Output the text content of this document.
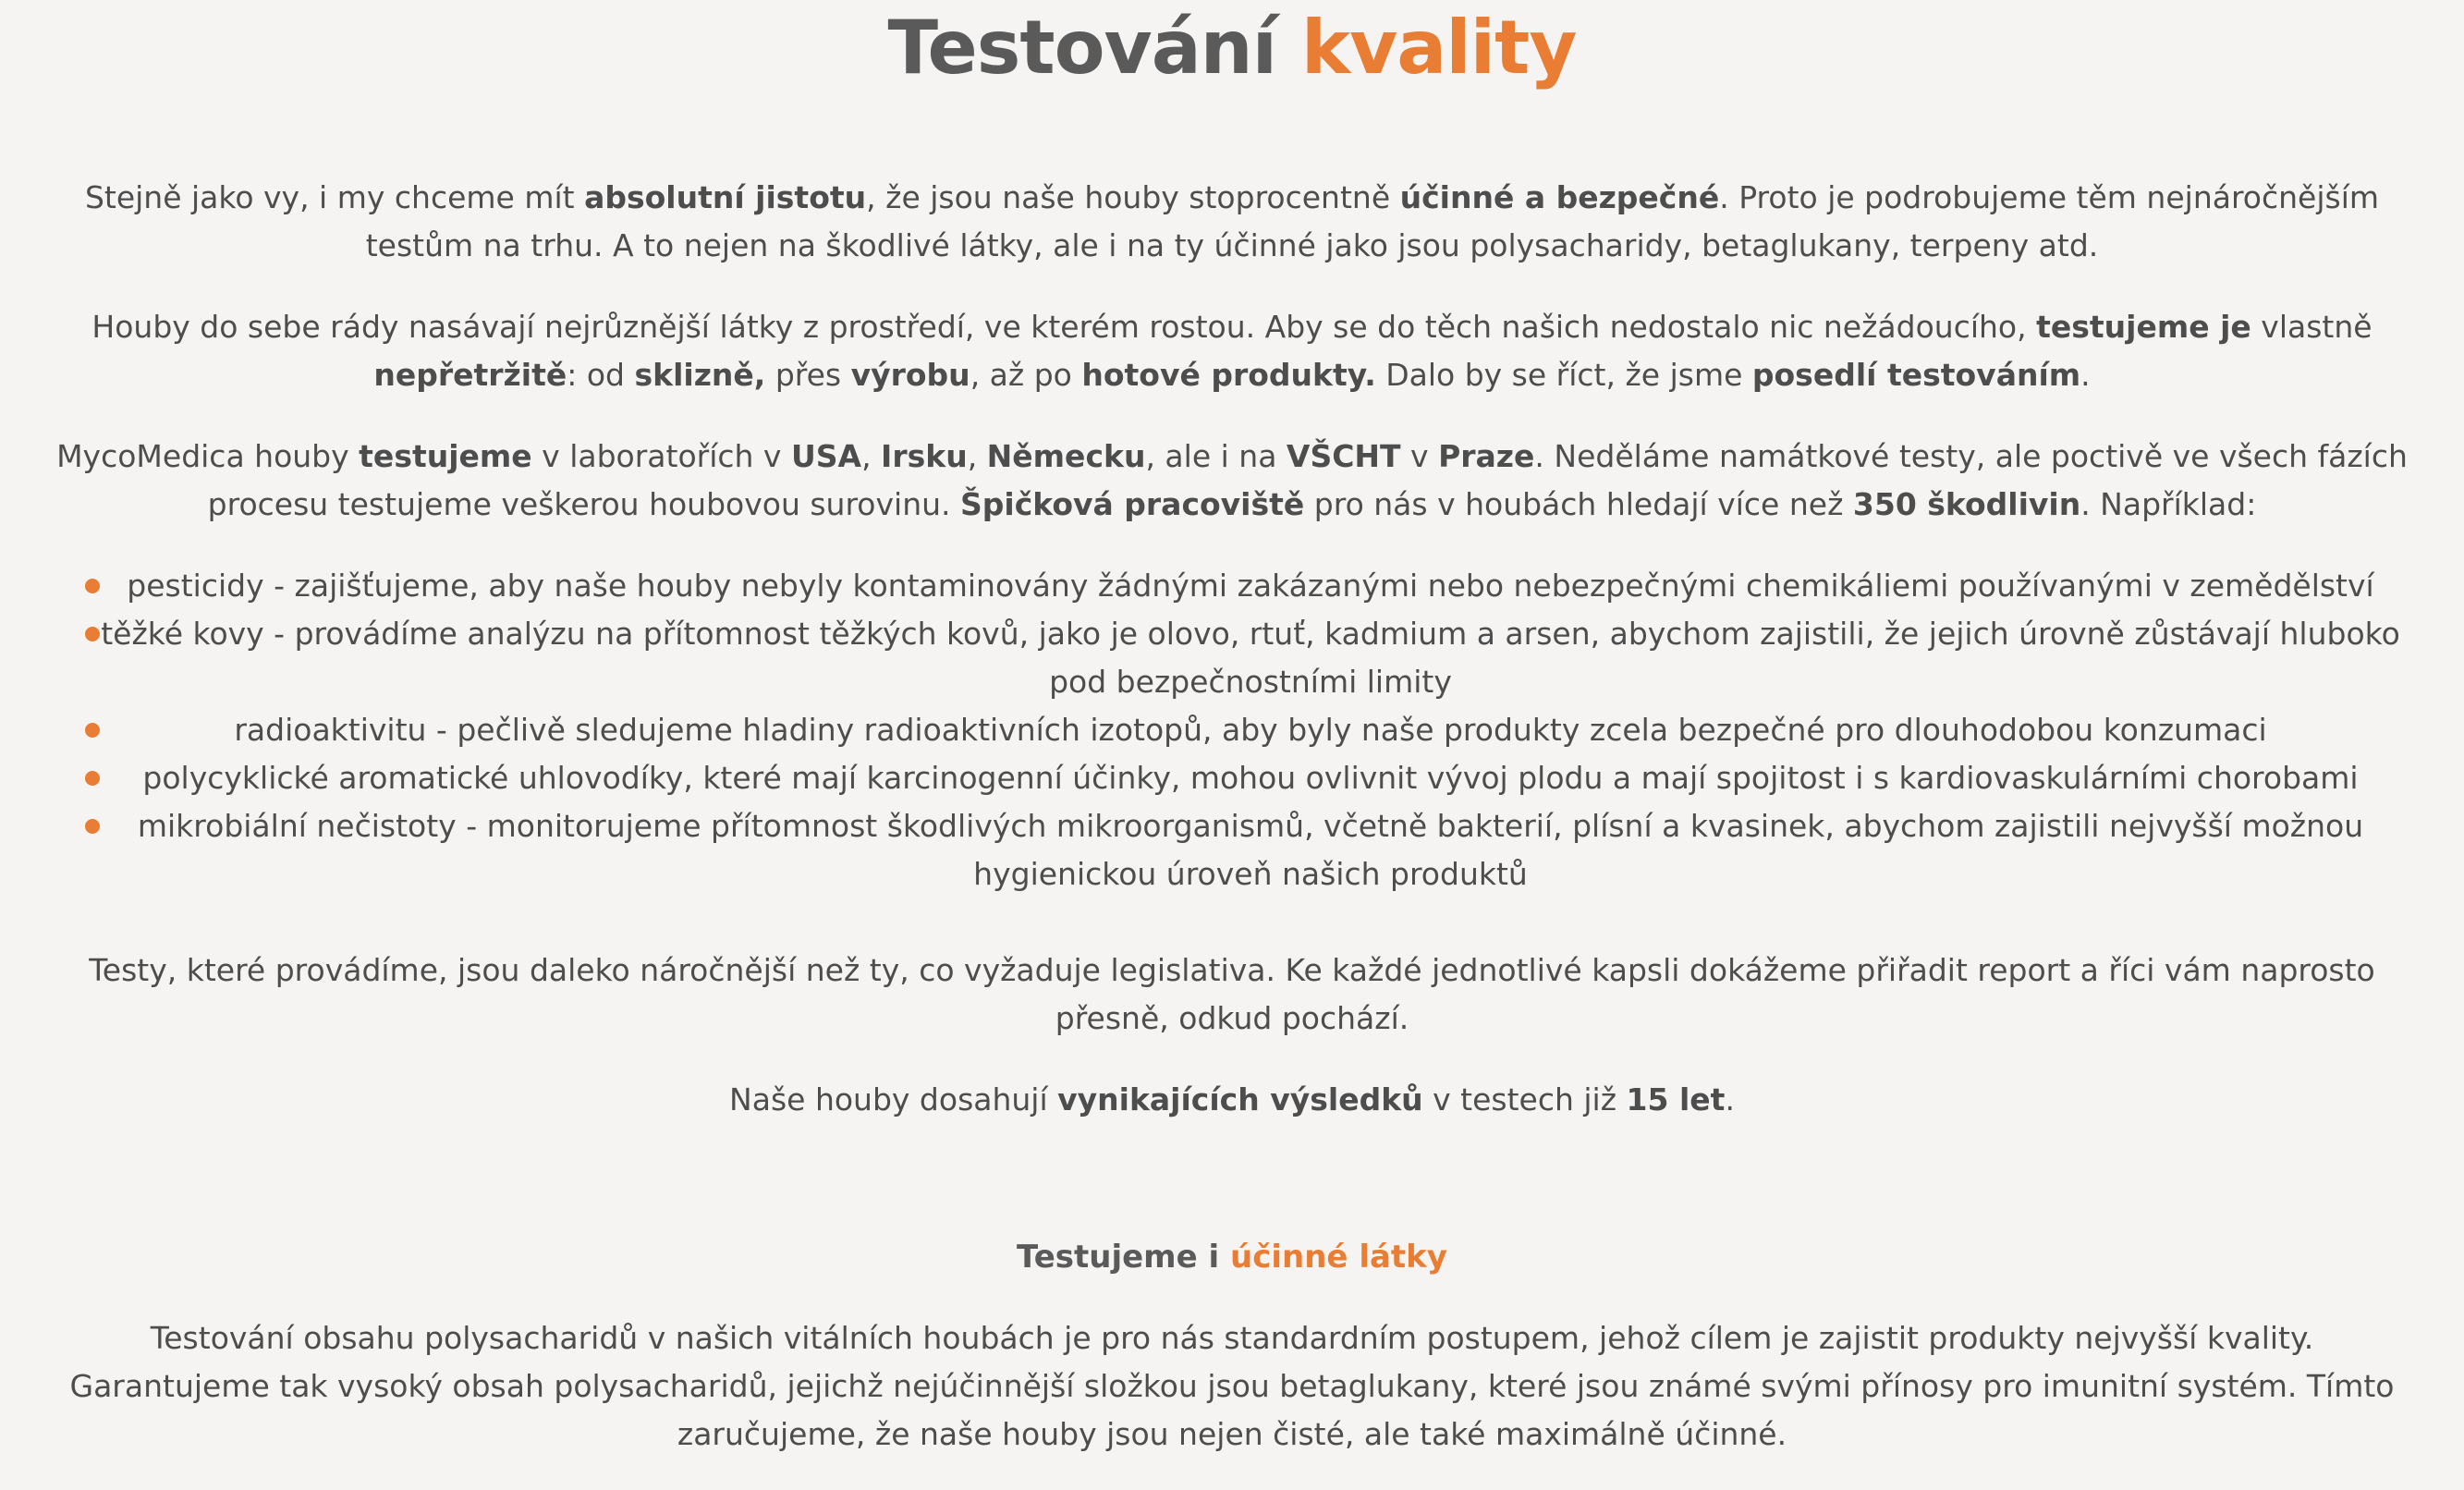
Testování kvality

Stejně jako vy, i my chceme mít absolutní jistotu, že jsou naše houby stoprocentně účinné a bezpečné. Proto je podrobujeme těm nejnáročnějším testům na trhu. A to nejen na škodlivé látky, ale i na ty účinné jako jsou polysacharidy, betaglukany, terpeny atd.

Houby do sebe rády nasávají nejrůznější látky z prostředí, ve kterém rostou. Aby se do těch našich nedostalo nic nežádoucího, testujeme je vlastně nepřetržitě: od sklizně, přes výrobu, až po hotové produkty. Dalo by se říct, že jsme posedlí testováním.

MycoMedica houby testujeme v laboratořích v USA, Irsku, Německu, ale i na VŠCHT v Praze. Neděláme namátkové testy, ale poctivě ve všech fázích procesu testujeme veškerou houbovou surovinu. Špičková pracoviště pro nás v houbách hledají více než 350 škodlivin. Například:

pesticidy - zajišťujeme, aby naše houby nebyly kontaminovány žádnými zakázanými nebo nebezpečnými chemikáliemi používanými v zemědělství
těžké kovy - provádíme analýzu na přítomnost těžkých kovů, jako je olovo, rtuť, kadmium a arsen, abychom zajistili, že jejich úrovně zůstávají hluboko pod bezpečnostními limity
radioaktivitu - pečlivě sledujeme hladiny radioaktivních izotopů, aby byly naše produkty zcela bezpečné pro dlouhodobou konzumaci
polycyklické aromatické uhlovodíky, které mají karcinogenní účinky, mohou ovlivnit vývoj plodu a mají spojitost i s kardiovaskulárními chorobami
mikrobiální nečistoty - monitorujeme přítomnost škodlivých mikroorganismů, včetně bakterií, plísní a kvasinek, abychom zajistili nejvyšší možnou hygienickou úroveň našich produktů

Testy, které provádíme, jsou daleko náročnější než ty, co vyžaduje legislativa. Ke každé jednotlivé kapsli dokážeme přiřadit report a říci vám naprosto přesně, odkud pochází.

Naše houby dosahují vynikajících výsledků v testech již 15 let.

Testujeme i účinné látky

Testování obsahu polysacharidů v našich vitálních houbách je pro nás standardním postupem, jehož cílem je zajistit produkty nejvyšší kvality. Garantujeme tak vysoký obsah polysacharidů, jejichž nejúčinnější složkou jsou betaglukany, které jsou známé svými přínosy pro imunitní systém. Tímto zaručujeme, že naše houby jsou nejen čisté, ale také maximálně účinné.
